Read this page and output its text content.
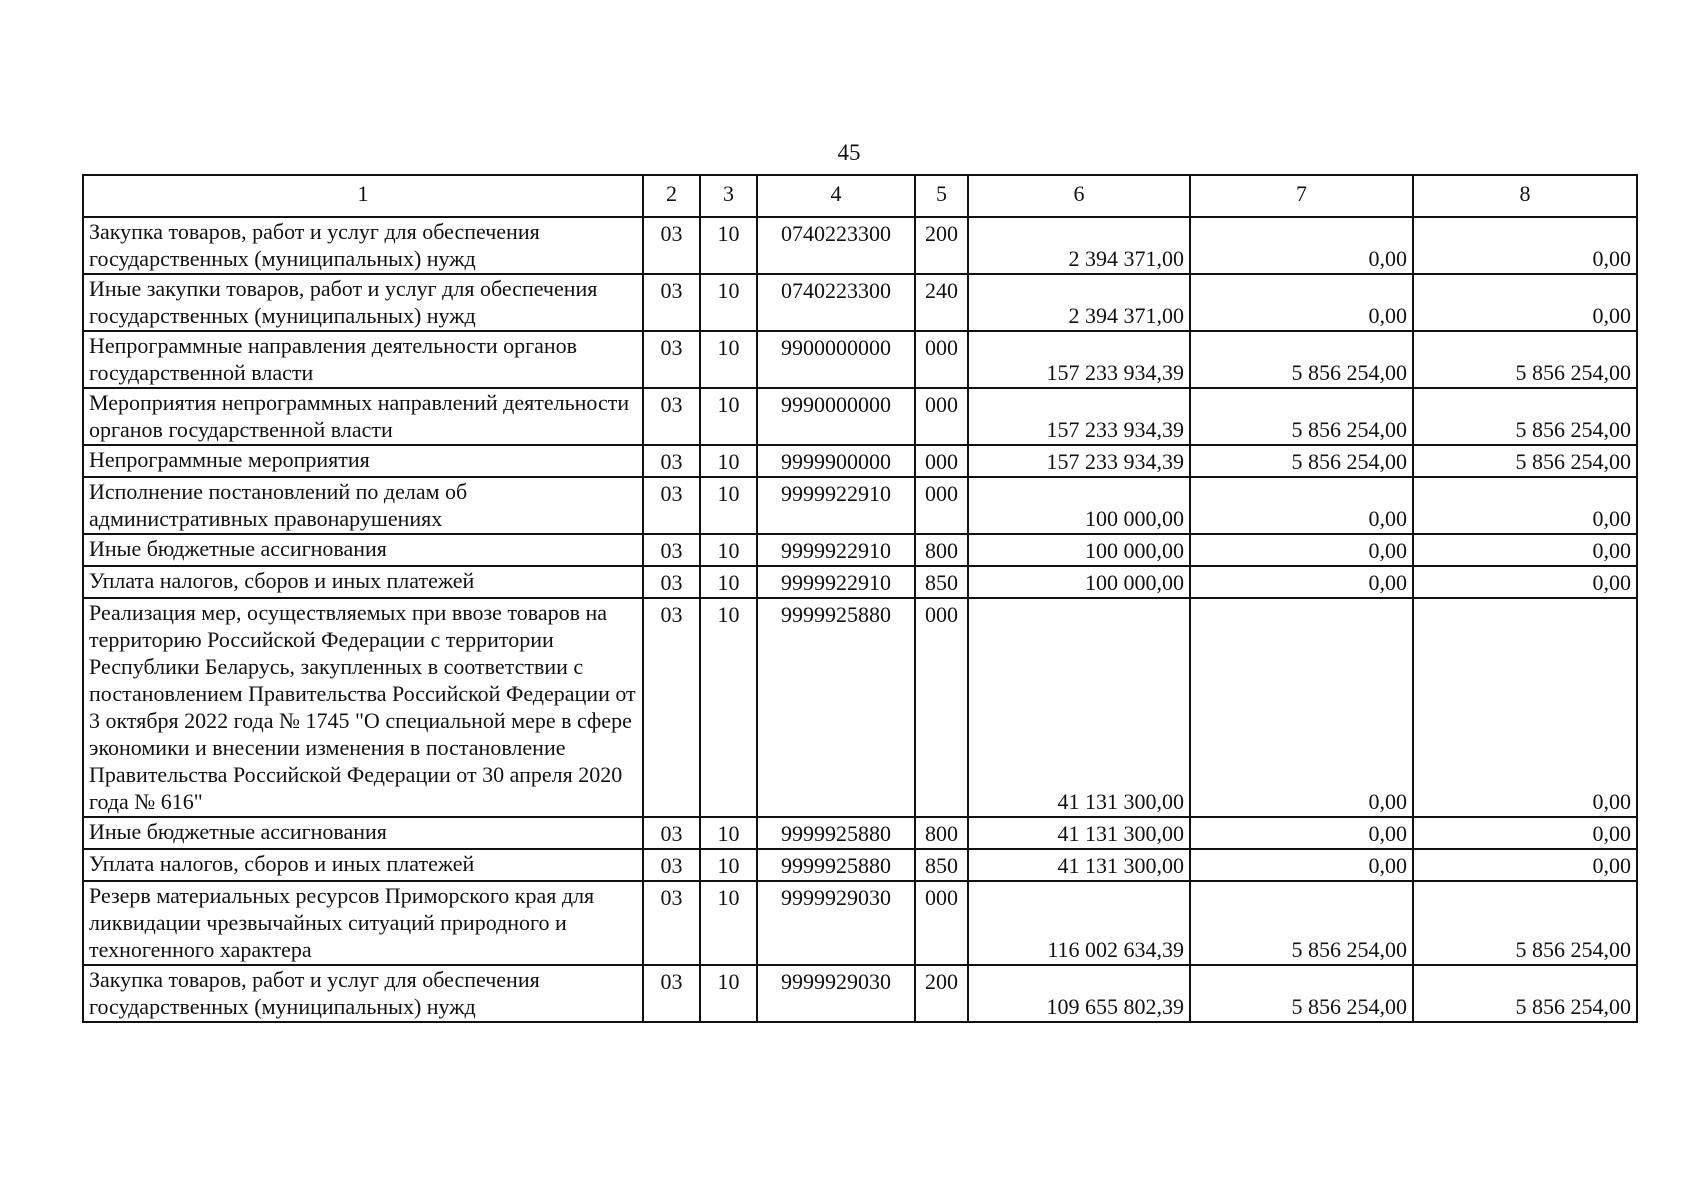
45
1	2	3	4	5	6	7	8
Закупка товаров, работ и услуг для обеспечения государственных (муниципальных) нужд	03	10	0740223300	200	2 394 371,00	0,00	0,00
Иные закупки товаров, работ и услуг для обеспечения государственных (муниципальных) нужд	03	10	0740223300	240	2 394 371,00	0,00	0,00
Непрограммные направления деятельности органов государственной власти	03	10	9900000000	000	157 233 934,39	5 856 254,00	5 856 254,00
Мероприятия непрограммных направлений деятельности органов государственной власти	03	10	9990000000	000	157 233 934,39	5 856 254,00	5 856 254,00
Непрограммные мероприятия	03	10	9999900000	000	157 233 934,39	5 856 254,00	5 856 254,00
Исполнение постановлений по делам об административных правонарушениях	03	10	9999922910	000	100 000,00	0,00	0,00
Иные бюджетные ассигнования	03	10	9999922910	800	100 000,00	0,00	0,00
Уплата налогов, сборов и иных платежей	03	10	9999922910	850	100 000,00	0,00	0,00
Реализация мер, осуществляемых при ввозе товаров на территорию Российской Федерации с территории Республики Беларусь, закупленных в соответствии с постановлением Правительства Российской Федерации от 3 октября 2022 года № 1745 "О специальной мере в сфере экономики и внесении изменения в постановление Правительства Российской Федерации от 30 апреля 2020 года № 616"	03	10	9999925880	000	41 131 300,00	0,00	0,00
Иные бюджетные ассигнования	03	10	9999925880	800	41 131 300,00	0,00	0,00
Уплата налогов, сборов и иных платежей	03	10	9999925880	850	41 131 300,00	0,00	0,00
Резерв материальных ресурсов Приморского края для ликвидации чрезвычайных ситуаций природного и техногенного характера	03	10	9999929030	000	116 002 634,39	5 856 254,00	5 856 254,00
Закупка товаров, работ и услуг для обеспечения государственных (муниципальных) нужд	03	10	9999929030	200	109 655 802,39	5 856 254,00	5 856 254,00
